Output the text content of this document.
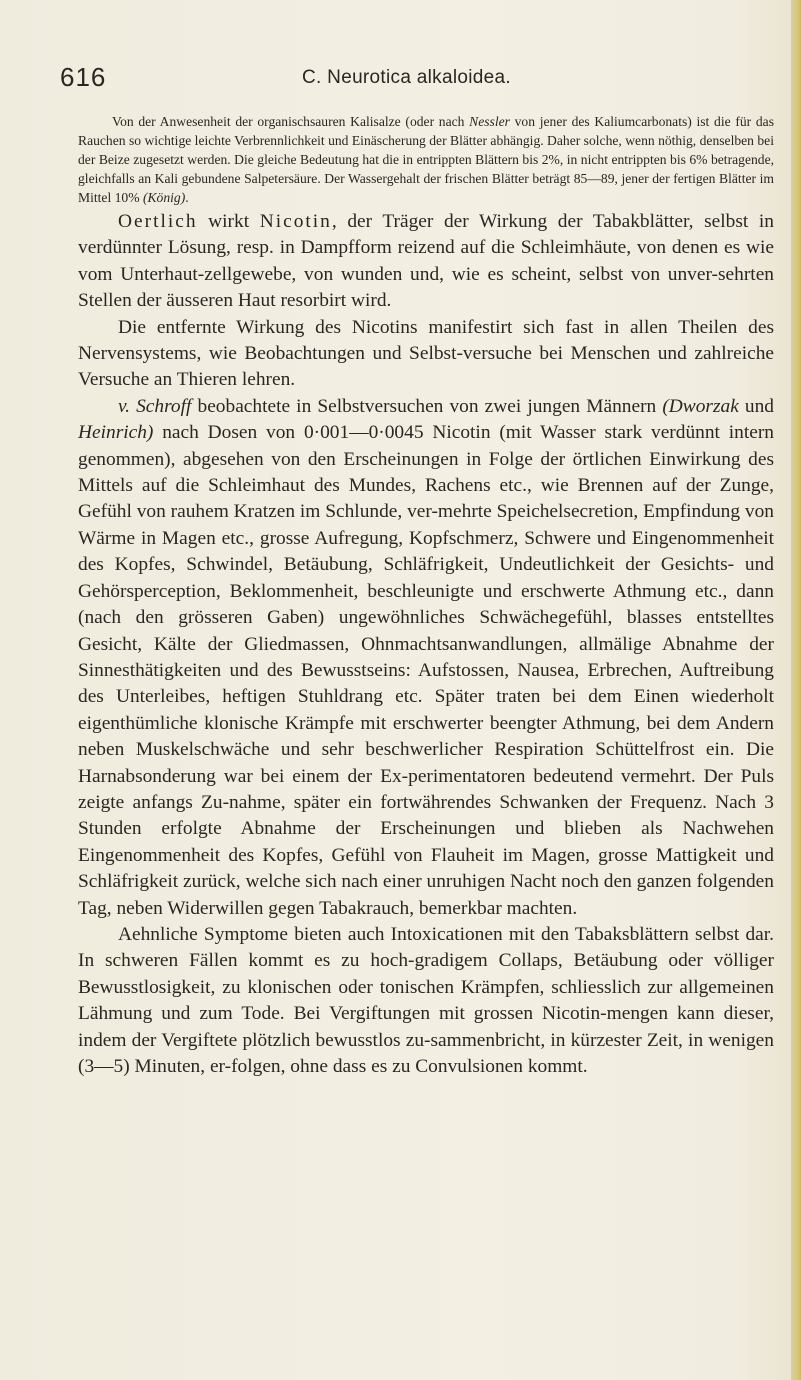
616	C. Neurotica alkaloidea.

Von der Anwesenheit der organischsauren Kalisalze (oder nach Nessler von jener des Kaliumcarbonats) ist die für das Rauchen so wichtige leichte Verbrennlichkeit und Einäscherung der Blätter abhängig. Daher solche, wenn nöthig, denselben bei der Beize zugesetzt werden. Die gleiche Bedeutung hat die in entrippten Blättern bis 2%, in nicht entrippten bis 6% betragende, gleichfalls an Kali gebundene Salpetersäure. Der Wassergehalt der frischen Blätter beträgt 85—89, jener der fertigen Blätter im Mittel 10% (König).

Oertlich wirkt Nicotin, der Träger der Wirkung der Tabakblätter, selbst in verdünnter Lösung, resp. in Dampfform reizend auf die Schleimhäute, von denen es wie vom Unterhaut-zellgewebe, von wunden und, wie es scheint, selbst von unver-sehrten Stellen der äusseren Haut resorbirt wird.

Die entfernte Wirkung des Nicotins manifestirt sich fast in allen Theilen des Nervensystems, wie Beobachtungen und Selbst-versuche bei Menschen und zahlreiche Versuche an Thieren lehren.

v. Schroff beobachtete in Selbstversuchen von zwei jungen Männern (Dworzak und Heinrich) nach Dosen von 0·001—0·0045 Nicotin (mit Wasser stark verdünnt intern genommen), abgesehen von den Erscheinungen in Folge der örtlichen Einwirkung des Mittels auf die Schleimhaut des Mundes, Rachens etc., wie Brennen auf der Zunge, Gefühl von rauhem Kratzen im Schlunde, ver-mehrte Speichelsecretion, Empfindung von Wärme in Magen etc., grosse Aufregung, Kopfschmerz, Schwere und Eingenommenheit des Kopfes, Schwindel, Betäubung, Schläfrigkeit, Undeutlichkeit der Gesichts- und Gehörsperception, Beklommenheit, beschleunigte und erschwerte Athmung etc., dann (nach den grösseren Gaben) ungewöhnliches Schwächegefühl, blasses entstelltes Gesicht, Kälte der Gliedmassen, Ohnmachtsanwandlungen, allmälige Abnahme der Sinnesthätigkeiten und des Bewusstseins: Aufstossen, Nausea, Erbrechen, Auftreibung des Unterleibes, heftigen Stuhldrang etc. Später traten bei dem Einen wiederholt eigenthümliche klonische Krämpfe mit erschwerter beengter Athmung, bei dem Andern neben Muskelschwäche und sehr beschwerlicher Respiration Schüttelfrost ein. Die Harnabsonderung war bei einem der Ex-perimentatoren bedeutend vermehrt. Der Puls zeigte anfangs Zu-nahme, später ein fortwährendes Schwanken der Frequenz. Nach 3 Stunden erfolgte Abnahme der Erscheinungen und blieben als Nachwehen Eingenommenheit des Kopfes, Gefühl von Flauheit im Magen, grosse Mattigkeit und Schläfrigkeit zurück, welche sich nach einer unruhigen Nacht noch den ganzen folgenden Tag, neben Widerwillen gegen Tabakrauch, bemerkbar machten.

Aehnliche Symptome bieten auch Intoxicationen mit den Tabaksblättern selbst dar. In schweren Fällen kommt es zu hoch-gradigem Collaps, Betäubung oder völliger Bewusstlosigkeit, zu klonischen oder tonischen Krämpfen, schliesslich zur allgemeinen Lähmung und zum Tode. Bei Vergiftungen mit grossen Nicotin-mengen kann dieser, indem der Vergiftete plötzlich bewusstlos zu-sammenbricht, in kürzester Zeit, in wenigen (3—5) Minuten, er-folgen, ohne dass es zu Convulsionen kommt.
